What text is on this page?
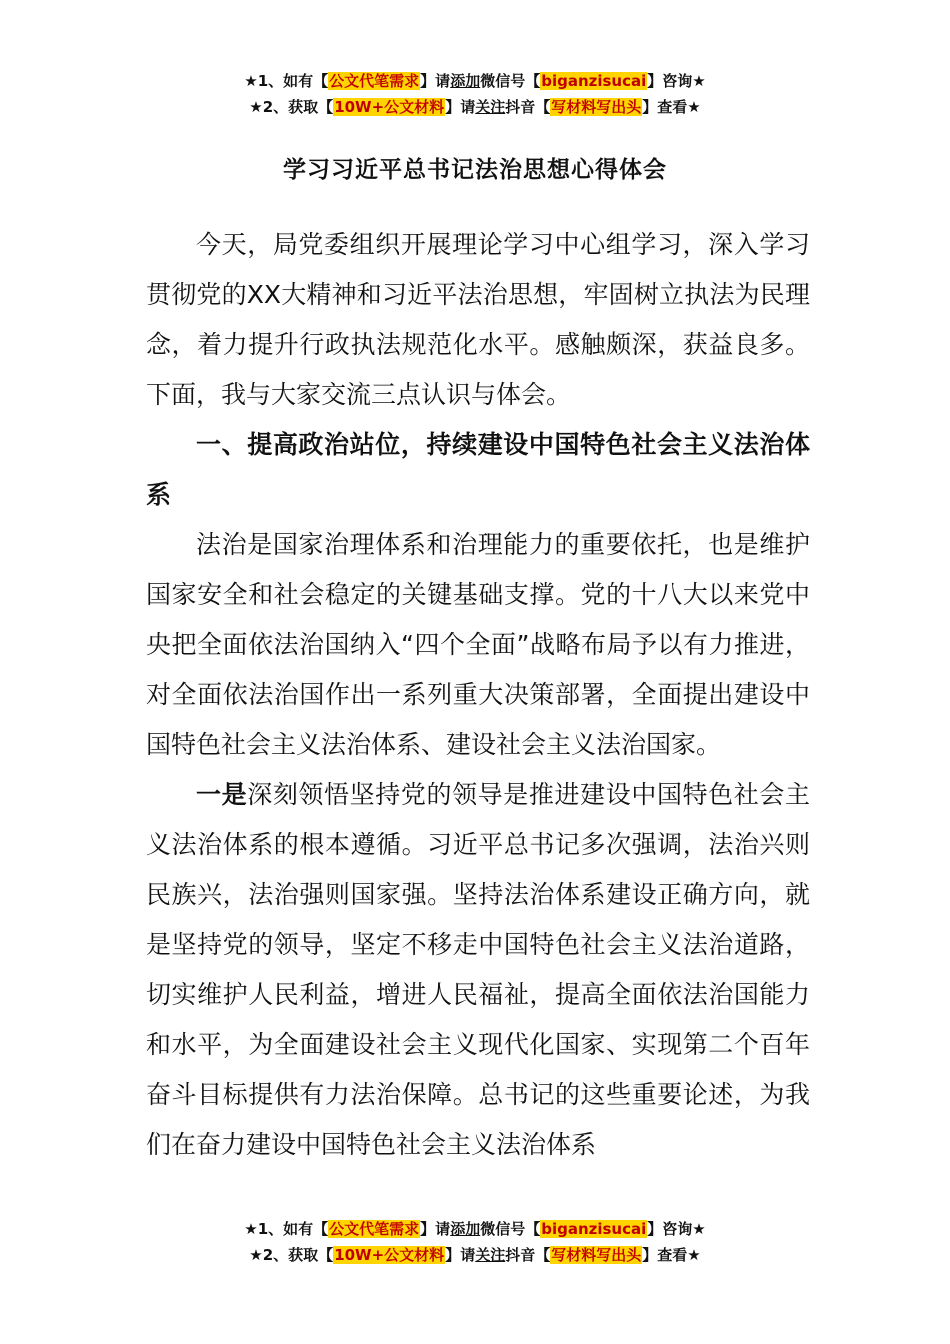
★1、如有【公文代笔需求】请添加微信号【biganzisucai】咨询★
★2、获取【10W+公文材料】请关注抖音【写材料写出头】查看★
学习习近平总书记法治思想心得体会

今天，局党委组织开展理论学习中心组学习，深入学习贯彻党的XX大精神和习近平法治思想，牢固树立执法为民理念，着力提升行政执法规范化水平。感触颇深，获益良多。下面，我与大家交流三点认识与体会。

一、提高政治站位，持续建设中国特色社会主义法治体系

法治是国家治理体系和治理能力的重要依托，也是维护国家安全和社会稳定的关键基础支撑。党的十八大以来党中央把全面依法治国纳入“四个全面”战略布局予以有力推进，对全面依法治国作出一系列重大决策部署，全面提出建设中国特色社会主义法治体系、建设社会主义法治国家。

一是深刻领悟坚持党的领导是推进建设中国特色社会主义法治体系的根本遵循。习近平总书记多次强调，法治兴则民族兴，法治强则国家强。坚持法治体系建设正确方向，就是坚持党的领导，坚定不移走中国特色社会主义法治道路，切实维护人民利益，增进人民福祉，提高全面依法治国能力和水平，为全面建设社会主义现代化国家、实现第二个百年奋斗目标提供有力法治保障。总书记的这些重要论述，为我们在奋力建设中国特色社会主义法治体系

★1、如有【公文代笔需求】请添加微信号【biganzisucai】咨询★
★2、获取【10W+公文材料】请关注抖音【写材料写出头】查看★
